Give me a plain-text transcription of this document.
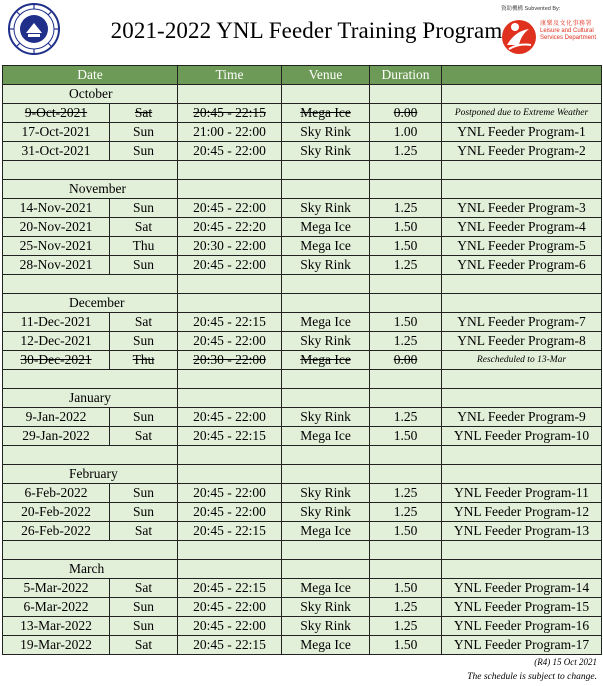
2021-2022 YNL Feeder Training Program
資助機構 Subvented By:
康樂及文化事務署
Leisure and Cultural
Services Department
Date		Time	Venue	Duration	
October					
9-Oct-2021	Sat	20:45 - 22:15	Mega Ice	0.00	Postponed due to Extreme Weather
17-Oct-2021	Sun	21:00 - 22:00	Sky Rink	1.00	YNL Feeder Program-1
31-Oct-2021	Sun	20:45 - 22:00	Sky Rink	1.25	YNL Feeder Program-2

November					
14-Nov-2021	Sun	20:45 - 22:00	Sky Rink	1.25	YNL Feeder Program-3
20-Nov-2021	Sat	20:45 - 22:20	Mega Ice	1.50	YNL Feeder Program-4
25-Nov-2021	Thu	20:30 - 22:00	Mega Ice	1.50	YNL Feeder Program-5
28-Nov-2021	Sun	20:45 - 22:00	Sky Rink	1.25	YNL Feeder Program-6

December					
11-Dec-2021	Sat	20:45 - 22:15	Mega Ice	1.50	YNL Feeder Program-7
12-Dec-2021	Sun	20:45 - 22:00	Sky Rink	1.25	YNL Feeder Program-8
30-Dec-2021	Thu	20:30 - 22:00	Mega Ice	0.00	Rescheduled to 13-Mar

January					
9-Jan-2022	Sun	20:45 - 22:00	Sky Rink	1.25	YNL Feeder Program-9
29-Jan-2022	Sat	20:45 - 22:15	Mega Ice	1.50	YNL Feeder Program-10

February					
6-Feb-2022	Sun	20:45 - 22:00	Sky Rink	1.25	YNL Feeder Program-11
20-Feb-2022	Sun	20:45 - 22:00	Sky Rink	1.25	YNL Feeder Program-12
26-Feb-2022	Sat	20:45 - 22:15	Mega Ice	1.50	YNL Feeder Program-13

March					
5-Mar-2022	Sat	20:45 - 22:15	Mega Ice	1.50	YNL Feeder Program-14
6-Mar-2022	Sun	20:45 - 22:00	Sky Rink	1.25	YNL Feeder Program-15
13-Mar-2022	Sun	20:45 - 22:00	Sky Rink	1.25	YNL Feeder Program-16
19-Mar-2022	Sat	20:45 - 22:15	Mega Ice	1.50	YNL Feeder Program-17
(R4) 15 Oct 2021
The schedule is subject to change.
